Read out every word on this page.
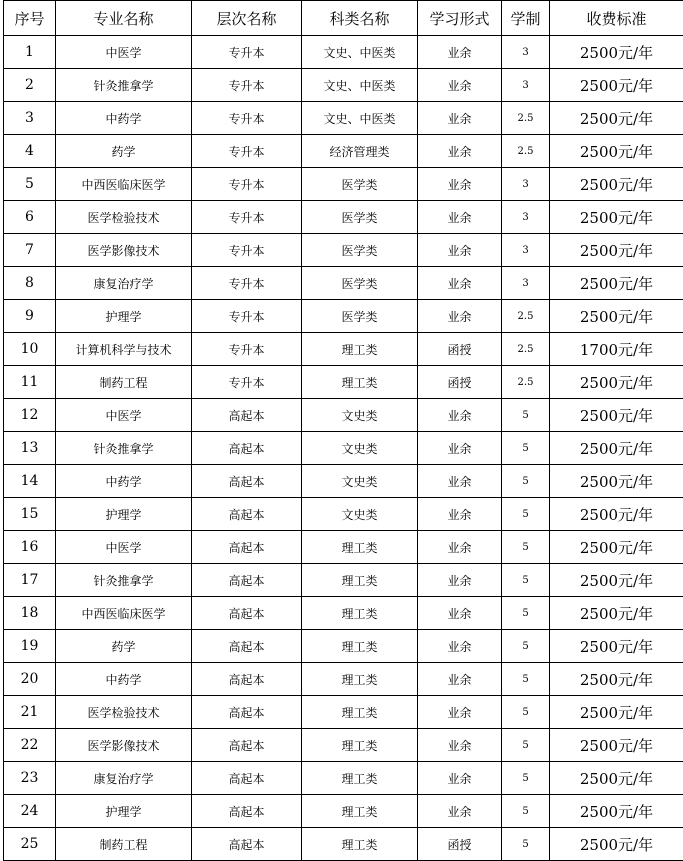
序号	专业名称	层次名称	科类名称	学习形式	学制	收费标准
1	中医学	专升本	文史、中医类	业余	3	2500元/年
2	针灸推拿学	专升本	文史、中医类	业余	3	2500元/年
3	中药学	专升本	文史、中医类	业余	2.5	2500元/年
4	药学	专升本	经济管理类	业余	2.5	2500元/年
5	中西医临床医学	专升本	医学类	业余	3	2500元/年
6	医学检验技术	专升本	医学类	业余	3	2500元/年
7	医学影像技术	专升本	医学类	业余	3	2500元/年
8	康复治疗学	专升本	医学类	业余	3	2500元/年
9	护理学	专升本	医学类	业余	2.5	2500元/年
10	计算机科学与技术	专升本	理工类	函授	2.5	1700元/年
11	制药工程	专升本	理工类	函授	2.5	2500元/年
12	中医学	高起本	文史类	业余	5	2500元/年
13	针灸推拿学	高起本	文史类	业余	5	2500元/年
14	中药学	高起本	文史类	业余	5	2500元/年
15	护理学	高起本	文史类	业余	5	2500元/年
16	中医学	高起本	理工类	业余	5	2500元/年
17	针灸推拿学	高起本	理工类	业余	5	2500元/年
18	中西医临床医学	高起本	理工类	业余	5	2500元/年
19	药学	高起本	理工类	业余	5	2500元/年
20	中药学	高起本	理工类	业余	5	2500元/年
21	医学检验技术	高起本	理工类	业余	5	2500元/年
22	医学影像技术	高起本	理工类	业余	5	2500元/年
23	康复治疗学	高起本	理工类	业余	5	2500元/年
24	护理学	高起本	理工类	业余	5	2500元/年
25	制药工程	高起本	理工类	函授	5	2500元/年
